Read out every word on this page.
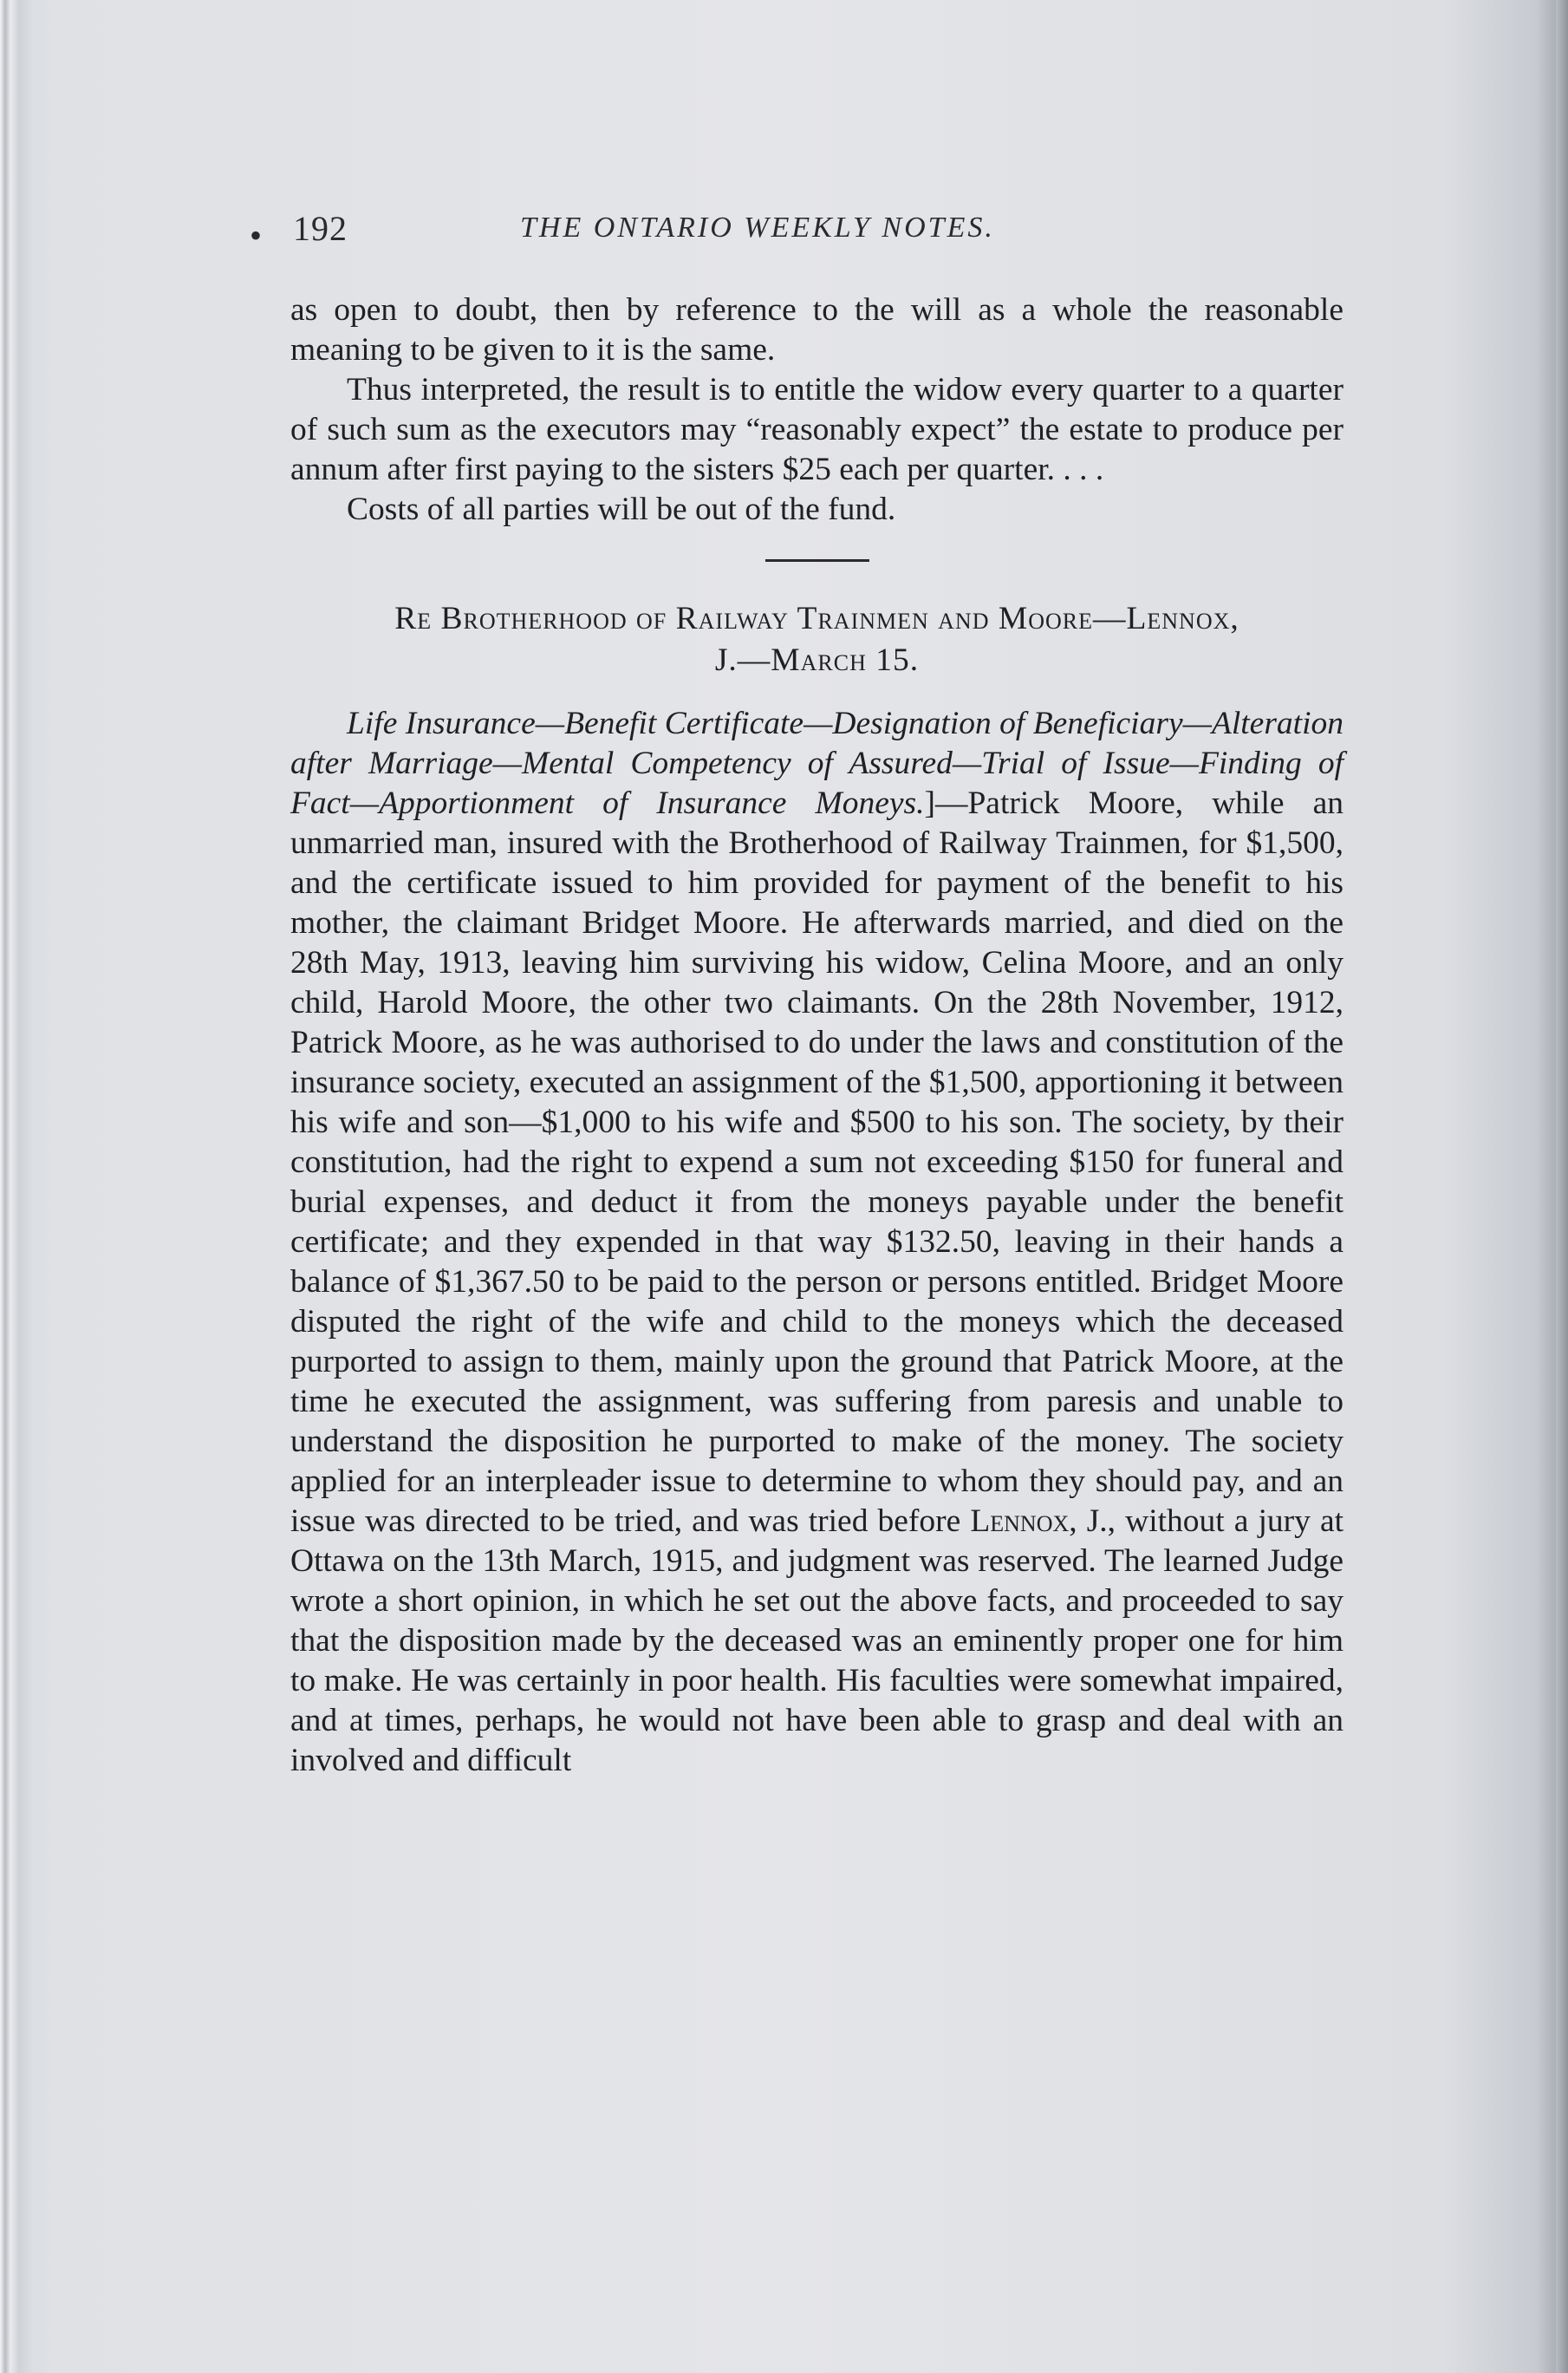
• 192	THE ONTARIO WEEKLY NOTES.

as open to doubt, then by reference to the will as a whole the reasonable meaning to be given to it is the same.

Thus interpreted, the result is to entitle the widow every quarter to a quarter of such sum as the executors may “reasonably expect” the estate to produce per annum after first paying to the sisters $25 each per quarter. . . .

Costs of all parties will be out of the fund.

Re Brotherhood of Railway Trainmen and Moore—Lennox,
J.—March 15.

Life Insurance—Benefit Certificate—Designation of Beneficiary—Alteration after Marriage—Mental Competency of Assured—Trial of Issue—Finding of Fact—Apportionment of Insurance Moneys.]—Patrick Moore, while an unmarried man, insured with the Brotherhood of Railway Trainmen, for $1,500, and the certificate issued to him provided for payment of the benefit to his mother, the claimant Bridget Moore. He afterwards married, and died on the 28th May, 1913, leaving him surviving his widow, Celina Moore, and an only child, Harold Moore, the other two claimants. On the 28th November, 1912, Patrick Moore, as he was authorised to do under the laws and constitution of the insurance society, executed an assignment of the $1,500, apportioning it between his wife and son—$1,000 to his wife and $500 to his son. The society, by their constitution, had the right to expend a sum not exceeding $150 for funeral and burial expenses, and deduct it from the moneys payable under the benefit certificate; and they expended in that way $132.50, leaving in their hands a balance of $1,367.50 to be paid to the person or persons entitled. Bridget Moore disputed the right of the wife and child to the moneys which the deceased purported to assign to them, mainly upon the ground that Patrick Moore, at the time he executed the assignment, was suffering from paresis and unable to understand the disposition he purported to make of the money. The society applied for an interpleader issue to determine to whom they should pay, and an issue was directed to be tried, and was tried before Lennox, J., without a jury at Ottawa on the 13th March, 1915, and judgment was reserved. The learned Judge wrote a short opinion, in which he set out the above facts, and proceeded to say that the disposition made by the deceased was an eminently proper one for him to make. He was certainly in poor health. His faculties were somewhat impaired, and at times, perhaps, he would not have been able to grasp and deal with an involved and difficult
